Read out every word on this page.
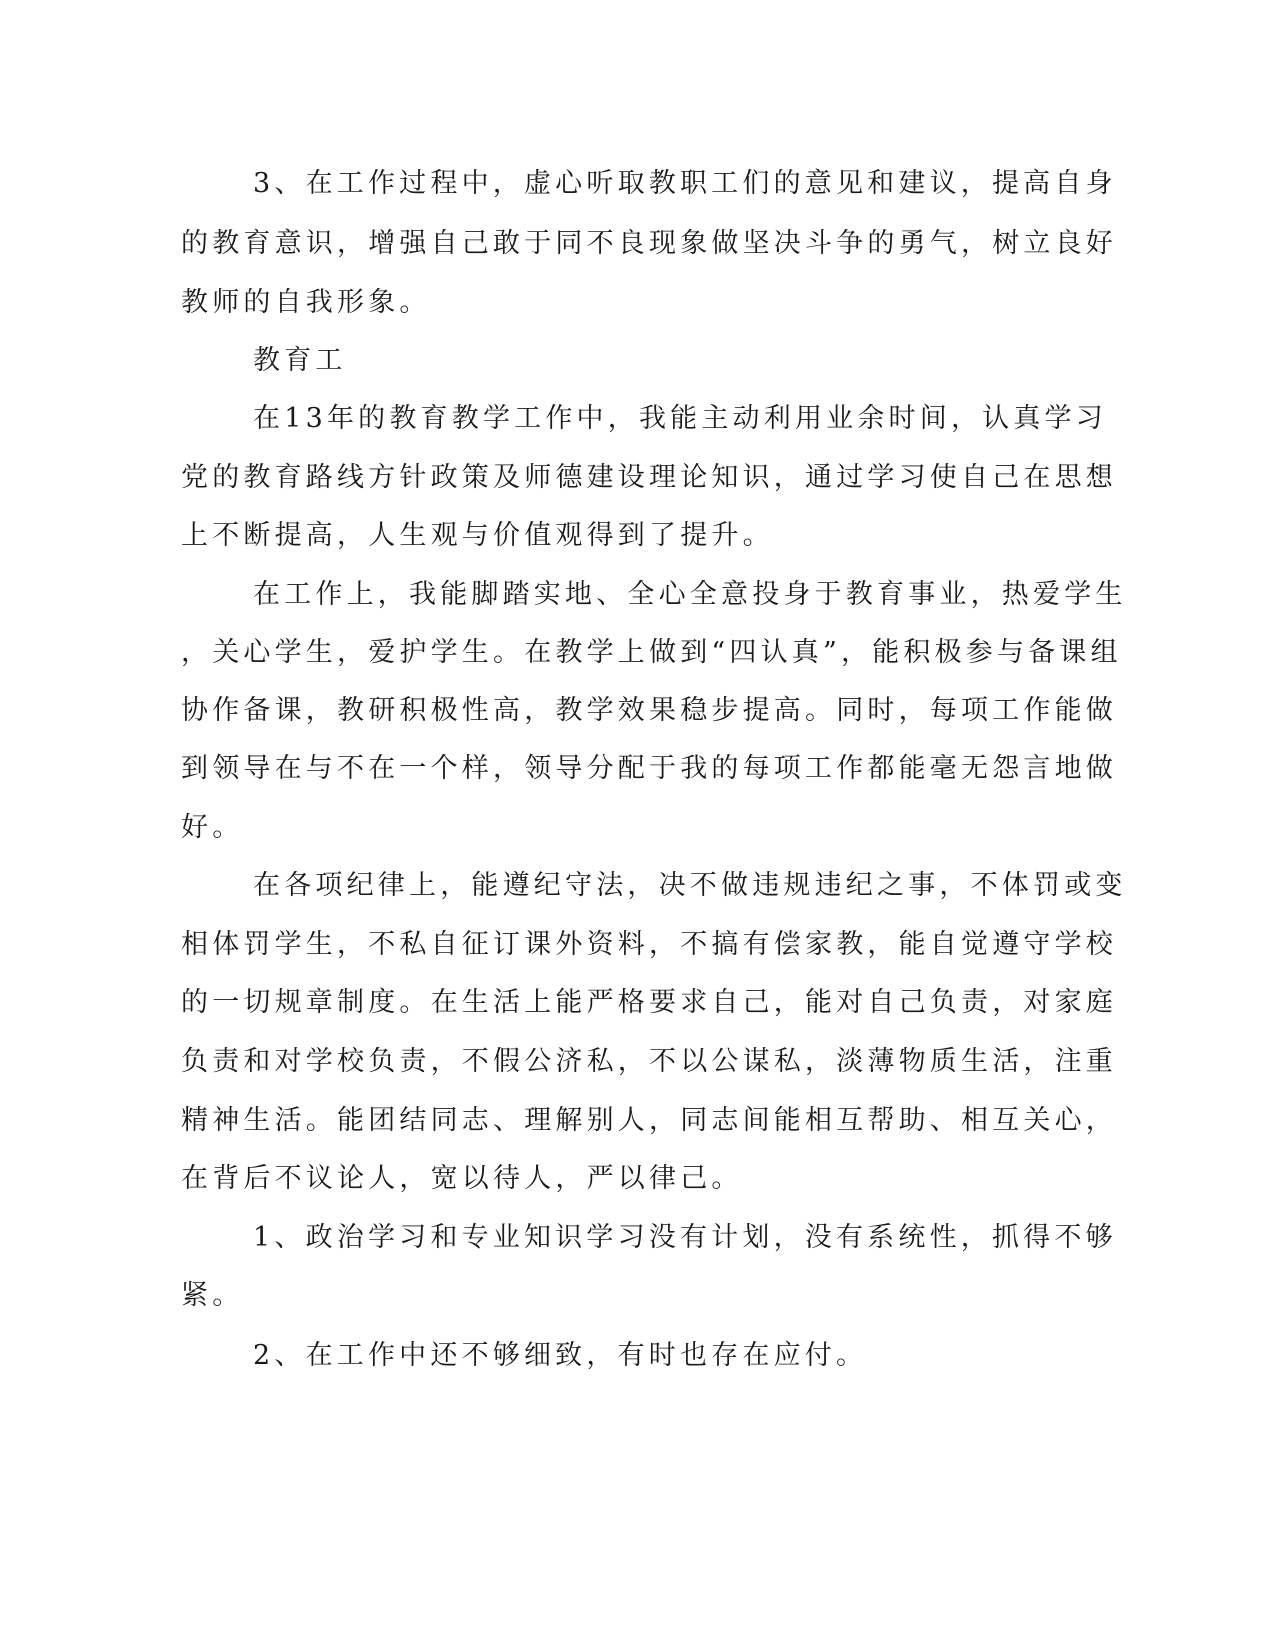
3、在工作过程中，虚心听取教职工们的意见和建议，提高自身
的教育意识，增强自己敢于同不良现象做坚决斗争的勇气，树立良好
教师的自我形象。
教育工
在13年的教育教学工作中，我能主动利用业余时间，认真学习
党的教育路线方针政策及师德建设理论知识，通过学习使自己在思想
上不断提高，人生观与价值观得到了提升。
在工作上，我能脚踏实地、全心全意投身于教育事业，热爱学生
，关心学生，爱护学生。在教学上做到“四认真”，能积极参与备课组
协作备课，教研积极性高，教学效果稳步提高。同时，每项工作能做
到领导在与不在一个样，领导分配于我的每项工作都能毫无怨言地做
好。
在各项纪律上，能遵纪守法，决不做违规违纪之事，不体罚或变
相体罚学生，不私自征订课外资料，不搞有偿家教，能自觉遵守学校
的一切规章制度。在生活上能严格要求自己，能对自己负责，对家庭
负责和对学校负责，不假公济私，不以公谋私，淡薄物质生活，注重
精神生活。能团结同志、理解别人，同志间能相互帮助、相互关心，
在背后不议论人，宽以待人，严以律己。
1、政治学习和专业知识学习没有计划，没有系统性，抓得不够
紧。
2、在工作中还不够细致，有时也存在应付。
